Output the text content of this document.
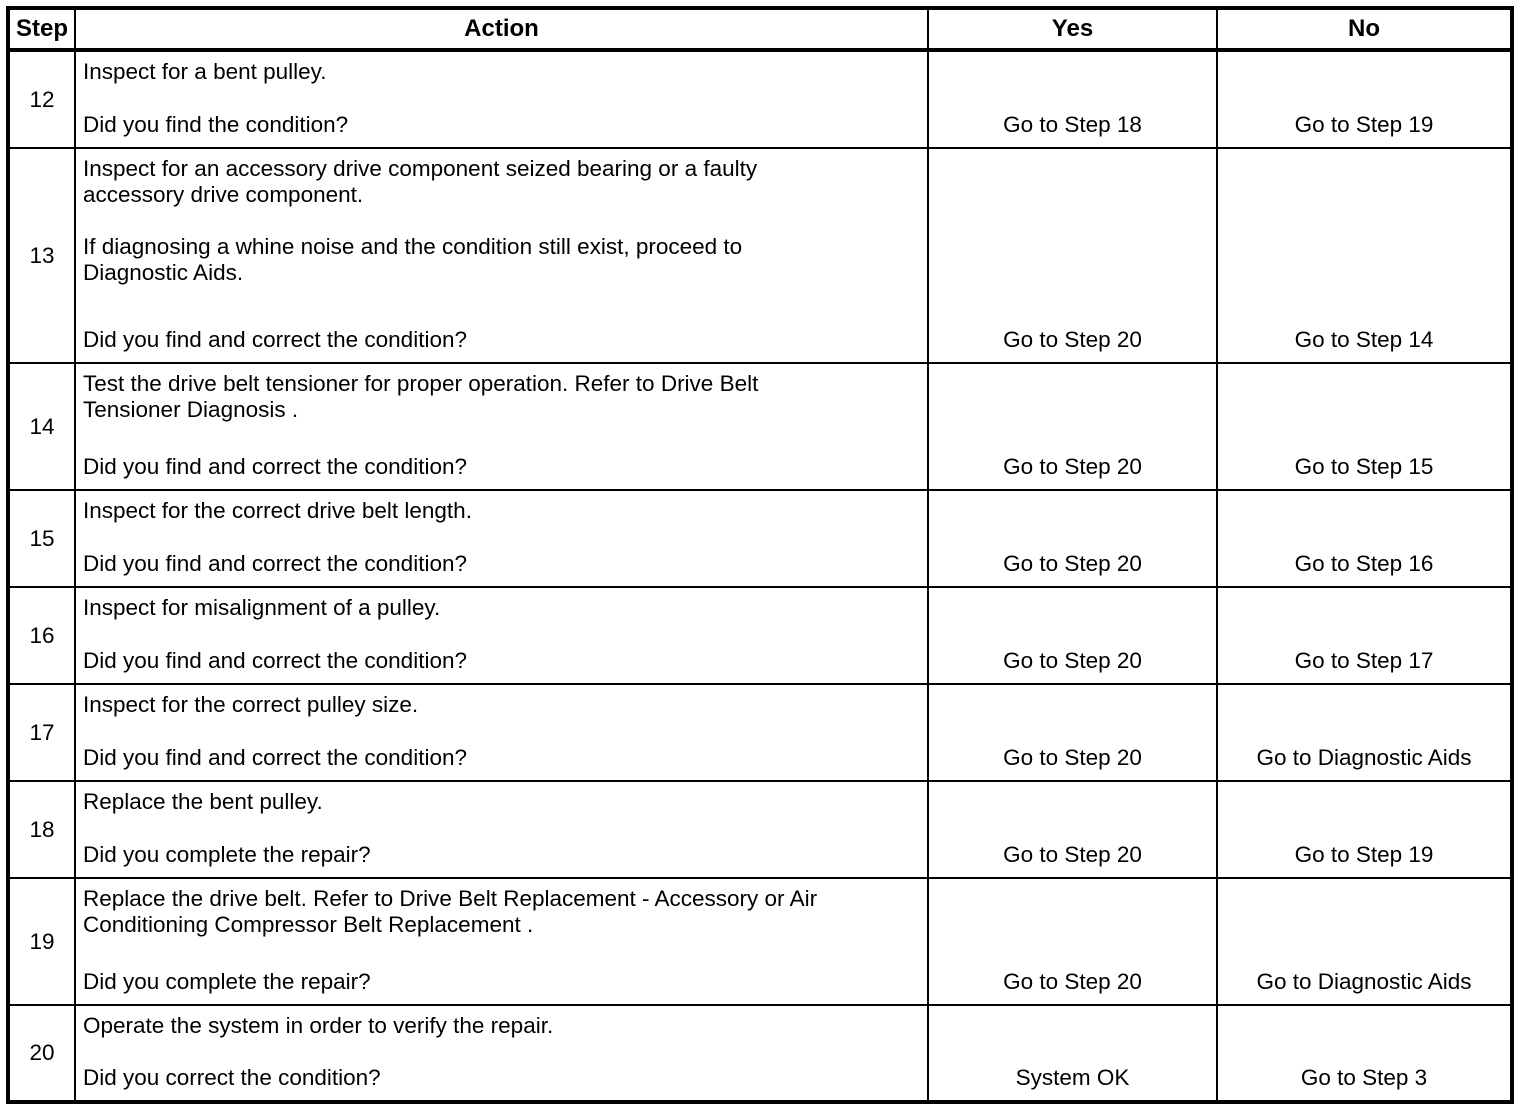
Step	Action	Yes	No
12
Inspect for a bent pulley.
Did you find the condition?	Go to Step 18	Go to Step 19
13
Inspect for an accessory drive component seized bearing or a faulty
accessory drive component.
If diagnosing a whine noise and the condition still exist, proceed to
Diagnostic Aids.
Did you find and correct the condition?	Go to Step 20	Go to Step 14
14
Test the drive belt tensioner for proper operation. Refer to Drive Belt
Tensioner Diagnosis .
Did you find and correct the condition?	Go to Step 20	Go to Step 15
15
Inspect for the correct drive belt length.
Did you find and correct the condition?	Go to Step 20	Go to Step 16
16
Inspect for misalignment of a pulley.
Did you find and correct the condition?	Go to Step 20	Go to Step 17
17
Inspect for the correct pulley size.
Did you find and correct the condition?	Go to Step 20	Go to Diagnostic Aids
18
Replace the bent pulley.
Did you complete the repair?	Go to Step 20	Go to Step 19
19
Replace the drive belt. Refer to Drive Belt Replacement - Accessory or Air
Conditioning Compressor Belt Replacement .
Did you complete the repair?	Go to Step 20	Go to Diagnostic Aids
20
Operate the system in order to verify the repair.
Did you correct the condition?	System OK	Go to Step 3
